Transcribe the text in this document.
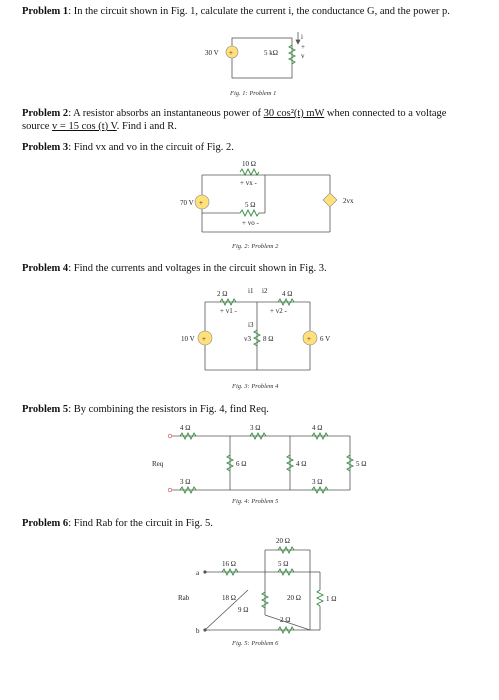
Problem 1: In the circuit shown in Fig. 1, calculate the current i, the conductance G, and the power p.
Problem 2: A resistor absorbs an instantaneous power of 30 cos²(t) mW when connected to a voltage
source v = 15 cos (t) V. Find i and R.
Problem 3: Find vx and vo in the circuit of Fig. 2.
Problem 4: Find the currents and voltages in the circuit shown in Fig. 3.
Problem 5: By combining the resistors in Fig. 4, find Req.
Problem 6: Find Rab for the circuit in Fig. 5.
+
30 V	5 kΩ
i
+
v
Fig. 1: Problem 1
+
70 V
10 Ω
+ vx -
5 Ω
+ vo -
2vx
Fig. 2: Problem 2
+
10 V	+ 6 V
2 Ω
+ v1 -
4 Ω
+ v2 -
i1 i2
8 Ω
v3
i3
Fig. 3: Problem 4
Req
4 Ω	3 Ω	4 Ω
6 Ω	4 Ω	5 Ω
3 Ω	3 Ω
Fig. 4: Problem 5
a
b
Rab
20 Ω
5 Ω
16 Ω
18 Ω
9 Ω
20 Ω	1 Ω
2 Ω
Fig. 5: Problem 6
